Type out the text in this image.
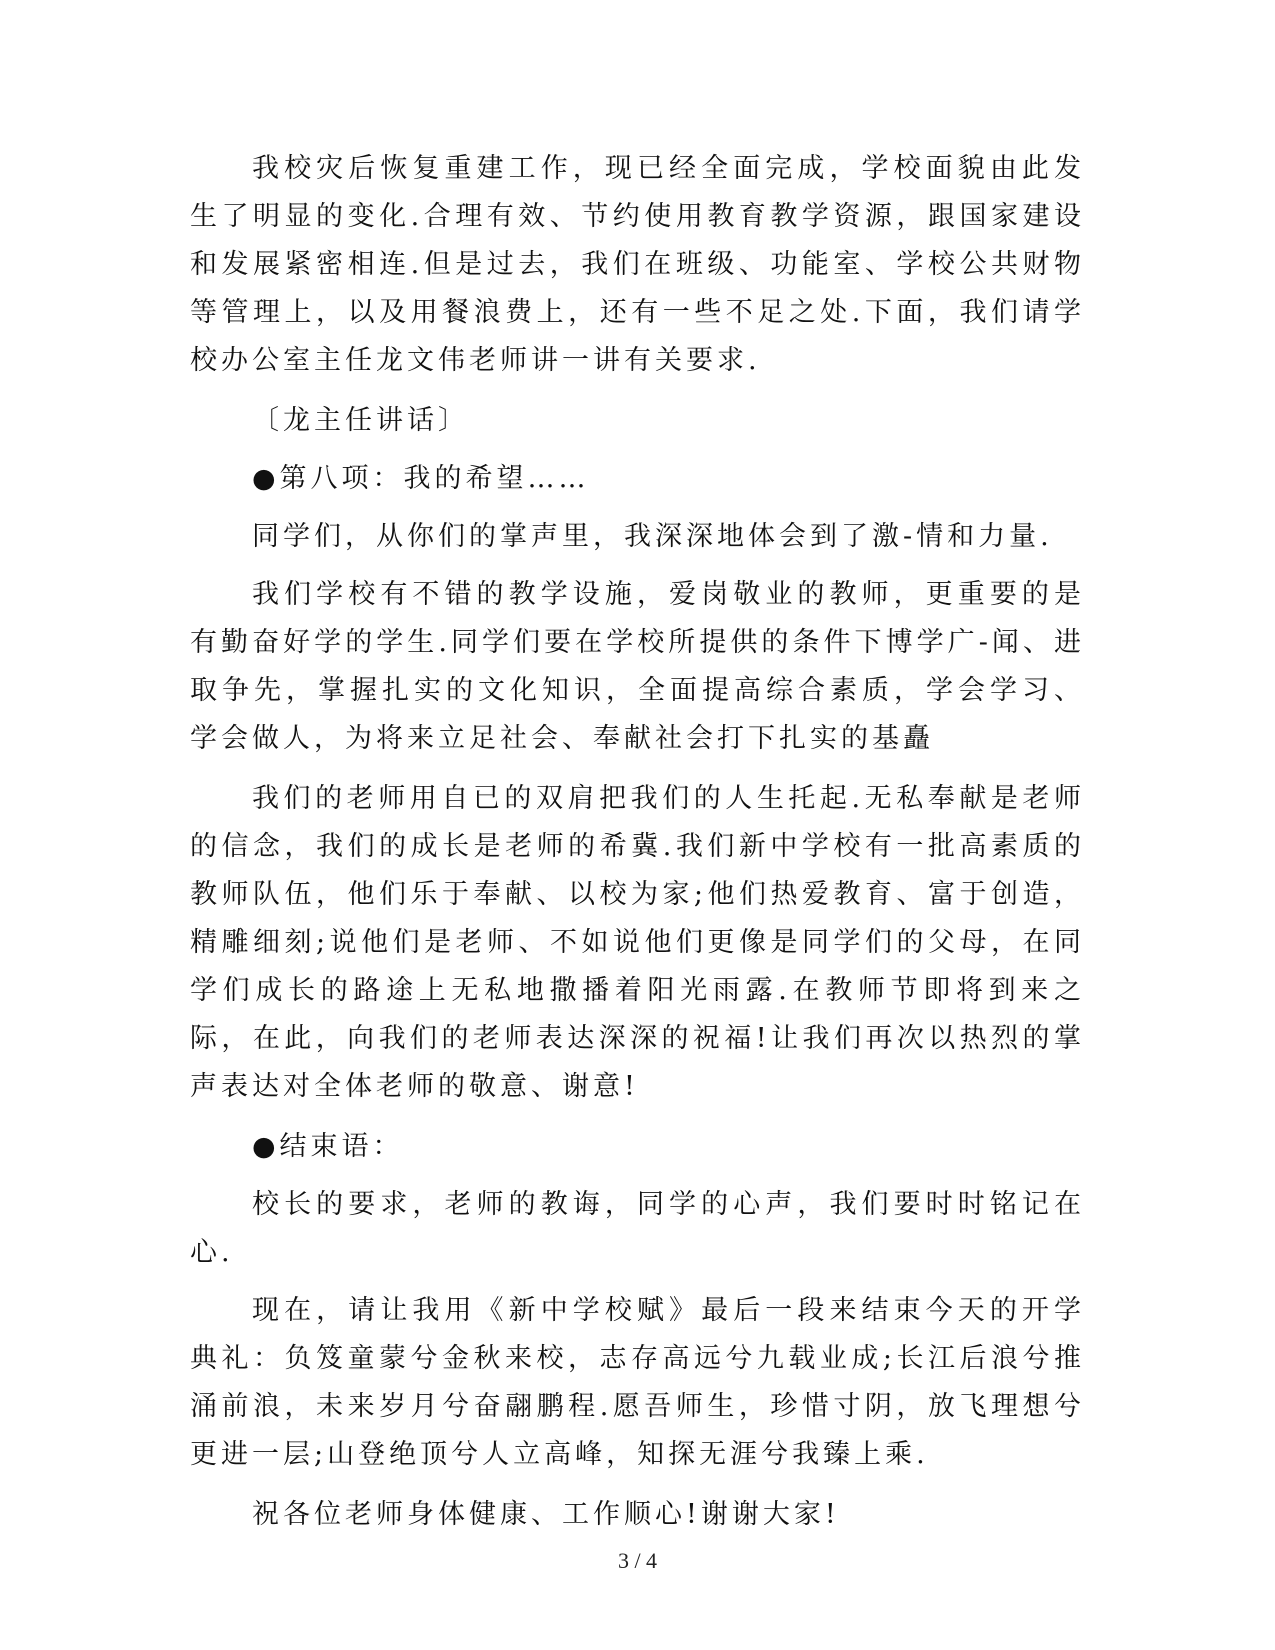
我校灾后恢复重建工作，现已经全面完成，学校面貌由此发生了明显的变化.合理有效、节约使用教育教学资源，跟国家建设和发展紧密相连.但是过去，我们在班级、功能室、学校公共财物等管理上，以及用餐浪费上，还有一些不足之处.下面，我们请学校办公室主任龙文伟老师讲一讲有关要求.

〔龙主任讲话〕

●第八项：我的希望……

同学们，从你们的掌声里，我深深地体会到了激-情和力量.

我们学校有不错的教学设施，爱岗敬业的教师，更重要的是有勤奋好学的学生.同学们要在学校所提供的条件下博学广-闻、进取争先，掌握扎实的文化知识，全面提高综合素质，学会学习、学会做人，为将来立足社会、奉献社会打下扎实的基矗

我们的老师用自已的双肩把我们的人生托起.无私奉献是老师的信念，我们的成长是老师的希冀.我们新中学校有一批高素质的教师队伍，他们乐于奉献、以校为家;他们热爱教育、富于创造，精雕细刻;说他们是老师、不如说他们更像是同学们的父母，在同学们成长的路途上无私地撒播着阳光雨露.在教师节即将到来之际，在此，向我们的老师表达深深的祝福!让我们再次以热烈的掌声表达对全体老师的敬意、谢意!

●结束语：

校长的要求，老师的教诲，同学的心声，我们要时时铭记在心.

现在，请让我用《新中学校赋》最后一段来结束今天的开学典礼：负笈童蒙兮金秋来校，志存高远兮九载业成;长江后浪兮推涌前浪，未来岁月兮奋翮鹏程.愿吾师生，珍惜寸阴，放飞理想兮更进一层;山登绝顶兮人立高峰，知探无涯兮我臻上乘.

祝各位老师身体健康、工作顺心!谢谢大家!

3 / 4
